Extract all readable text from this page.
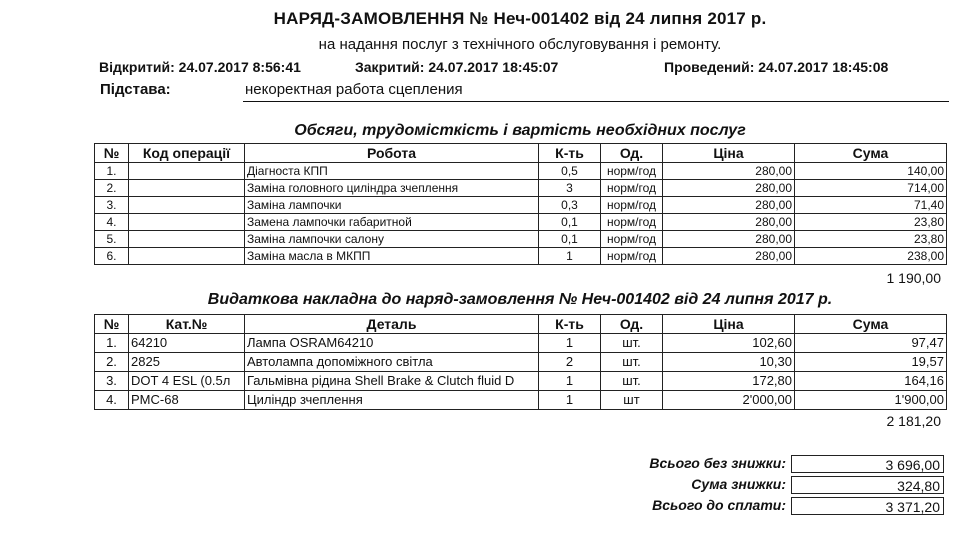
НАРЯД-ЗАМОВЛЕННЯ № Неч-001402 від 24 липня 2017 р.
на надання послуг з технічного обслуговування і ремонту.
Відкритий: 24.07.2017 8:56:41	Закритий: 24.07.2017 18:45:07	Проведений: 24.07.2017 18:45:08
Підстава:	некоректная работа сцепления
Обсяги, трудомісткість і вартість необхідних послуг
№	Код операції	Робота	К-ть	Од.	Ціна	Сума
1.		Діагноста КПП	0,5	норм/год	280,00	140,00
2.		Заміна головного циліндра зчеплення	3	норм/год	280,00	714,00
3.		Заміна лампочки	0,3	норм/год	280,00	71,40
4.		Замена лампочки габаритной	0,1	норм/год	280,00	23,80
5.		Заміна лампочки салону	0,1	норм/год	280,00	23,80
6.		Заміна масла в МКПП	1	норм/год	280,00	238,00
1 190,00
Видаткова накладна до наряд-замовлення № Неч-001402 від 24 липня 2017 р.
№	Кат.№	Деталь	К-ть	Од.	Ціна	Сума
1.	64210	Лампа OSRAM64210	1	шт.	102,60	97,47
2.	2825	Автолампа допоміжного світла	2	шт.	10,30	19,57
3.	DOT 4 ESL (0.5л	Гальмівна рідина Shell Brake & Clutch fluid D	1	шт.	172,80	164,16
4.	PMC-68	Циліндр зчеплення	1	шт	2'000,00	1'900,00
2 181,20
Всього без знижки:	3 696,00
Сума знижки:	324,80
Всього до сплати:	3 371,20
